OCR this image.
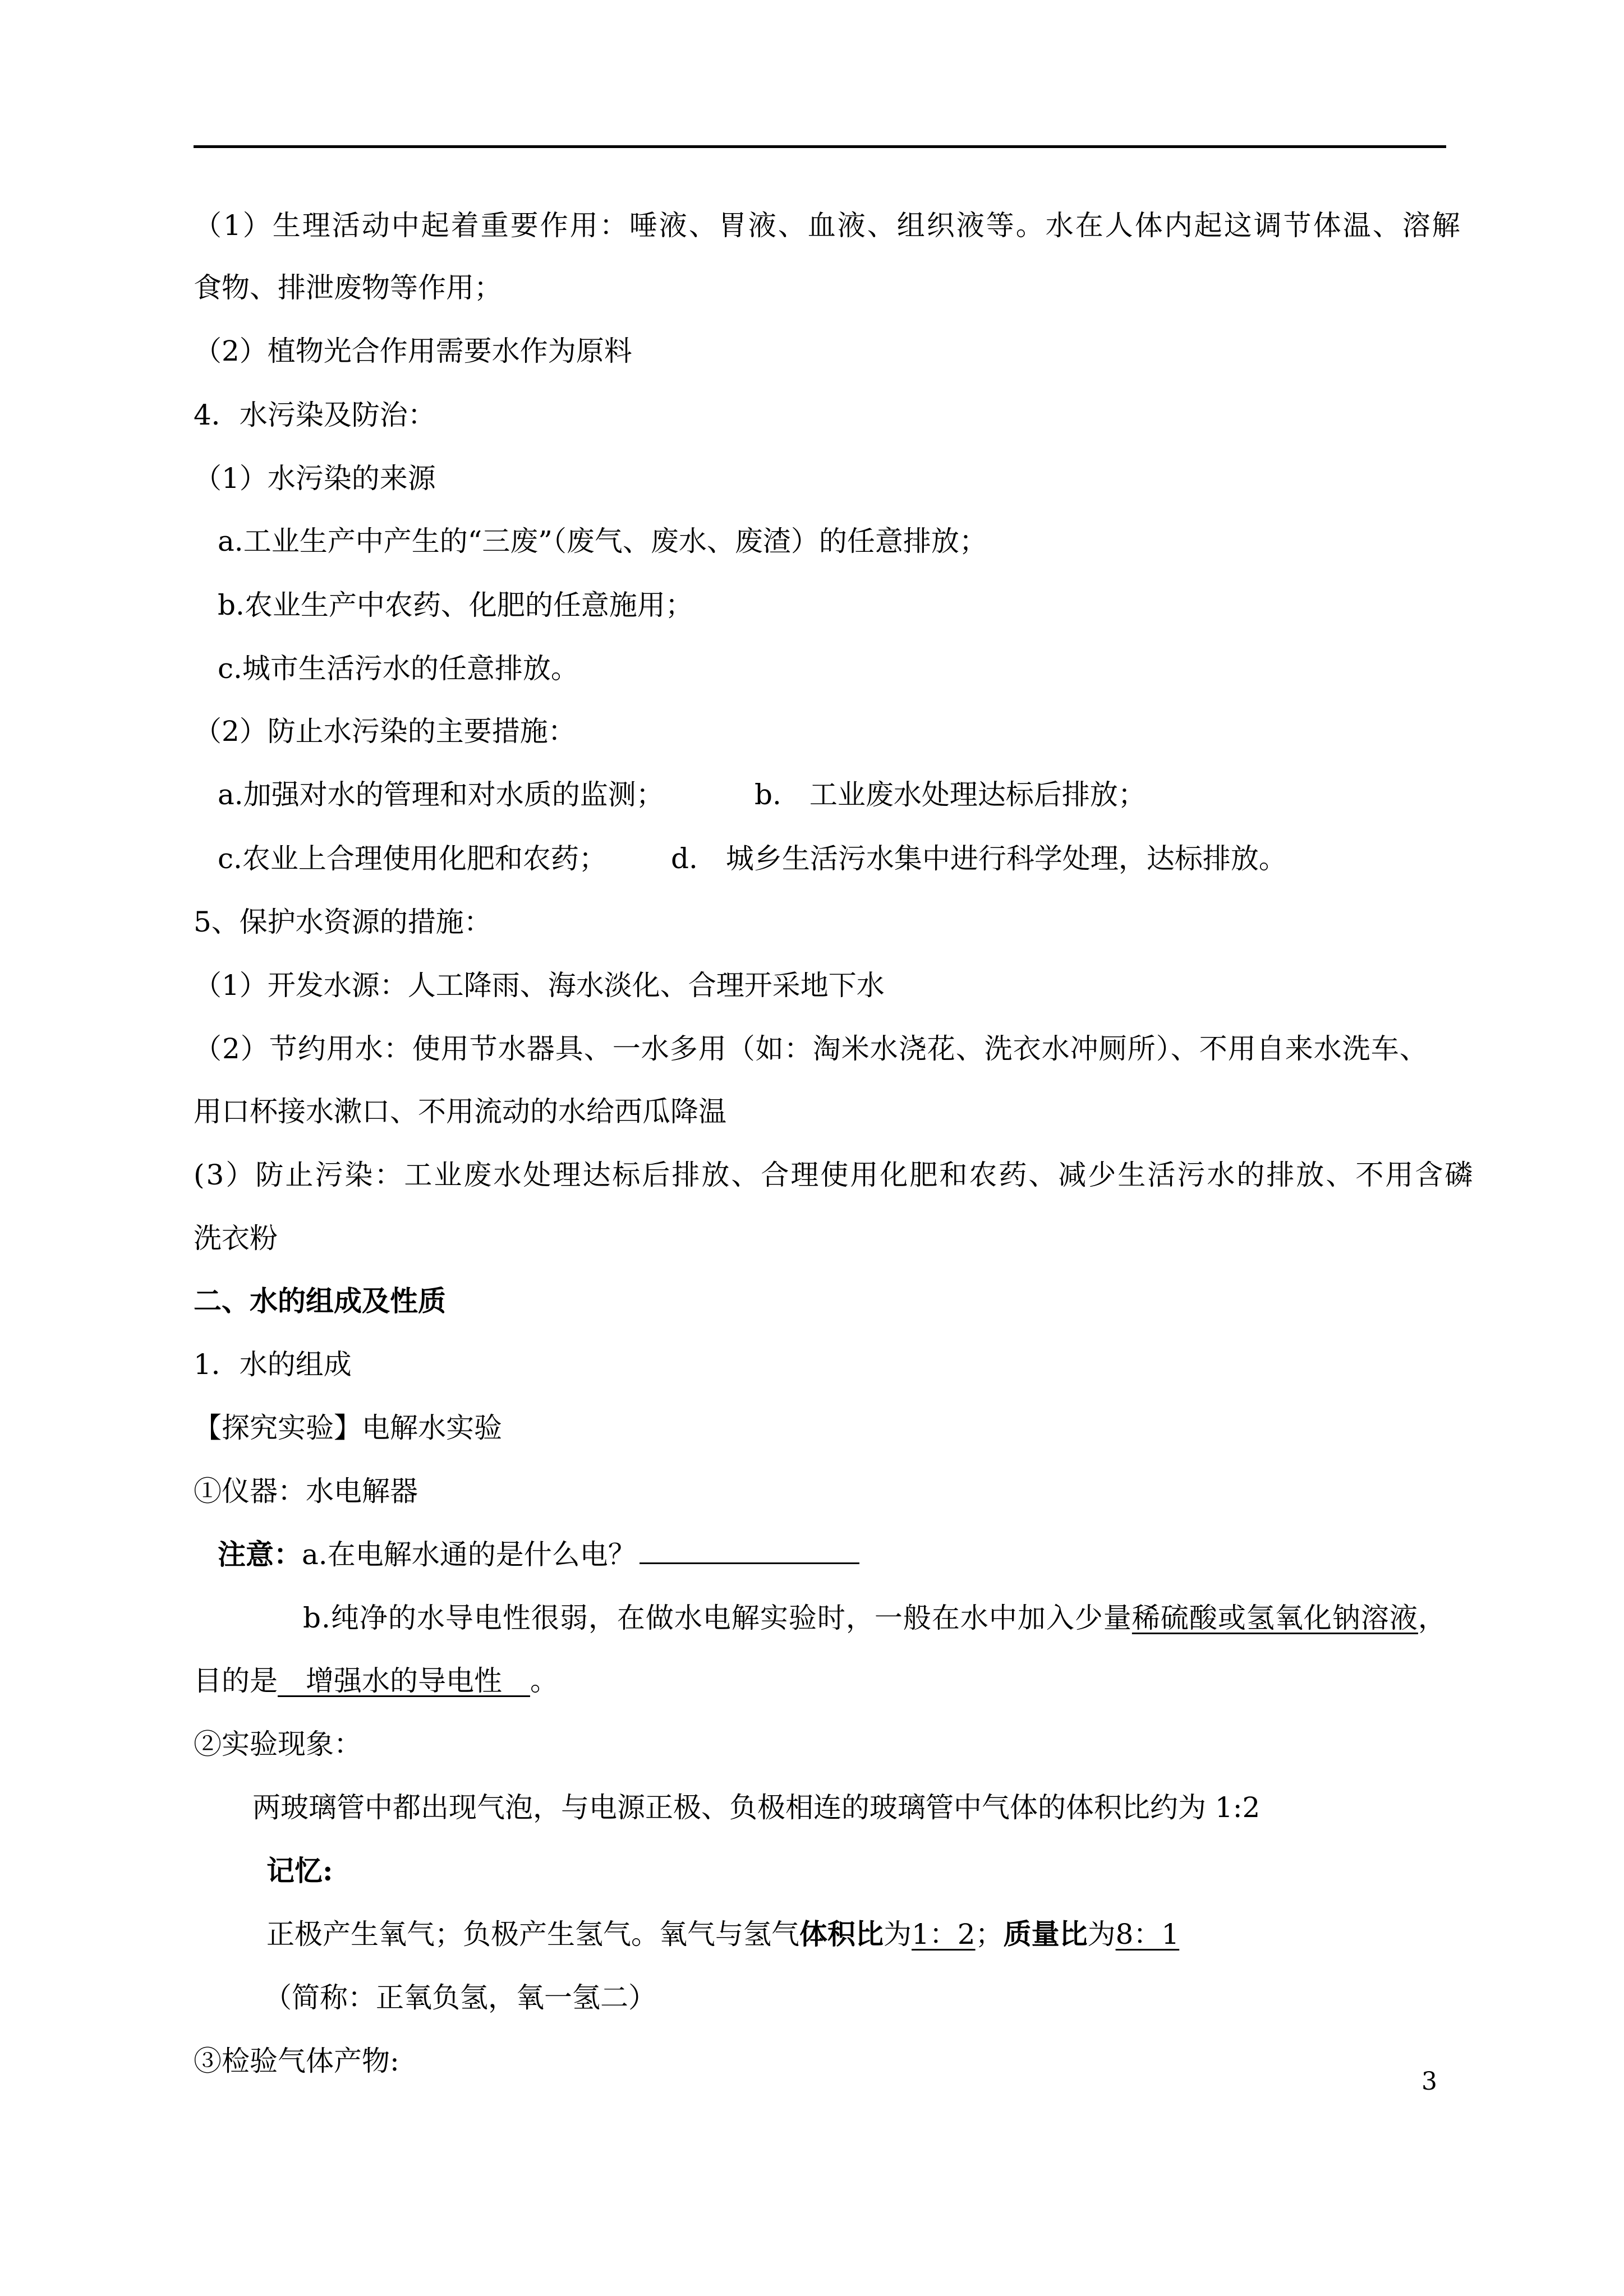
（1）生理活动中起着重要作用：唾液、胃液、血液、组织液等。水在人体内起这调节体温、溶解
食物、排泄废物等作用；
（2）植物光合作用需要水作为原料
4．水污染及防治：
（1）水污染的来源
a.工业生产中产生的“三废”（废气、废水、废渣）的任意排放；
b.农业生产中农药、化肥的任意施用；
c.城市生活污水的任意排放。
（2）防止水污染的主要措施：
a.加强对水的管理和对水质的监测；	b.　工业废水处理达标后排放；
c.农业上合理使用化肥和农药； d.　城乡生活污水集中进行科学处理，达标排放。
5、保护水资源的措施：
（1）开发水源：人工降雨、海水淡化、合理开采地下水
（2）节约用水：使用节水器具、一水多用（如：淘米水浇花、洗衣水冲厕所）、不用自来水洗车、
用口杯接水漱口、不用流动的水给西瓜降温
(3）防止污染：工业废水处理达标后排放、合理使用化肥和农药、减少生活污水的排放、不用含磷
洗衣粉
二、水的组成及性质
1．水的组成
【探究实验】电解水实验
①仪器：水电解器
注意：a.在电解水通的是什么电？
b.纯净的水导电性很弱，在做水电解实验时，一般在水中加入少量稀硫酸或氢氧化钠溶液，
目的是　增强水的导电性　。
②实验现象：
两玻璃管中都出现气泡，与电源正极、负极相连的玻璃管中气体的体积比约为 1:2
记忆:
正极产生氧气；负极产生氢气。氧气与氢气体积比为1：2；质量比为8：1
（简称：正氧负氢，氧一氢二）
③检验气体产物:
3
